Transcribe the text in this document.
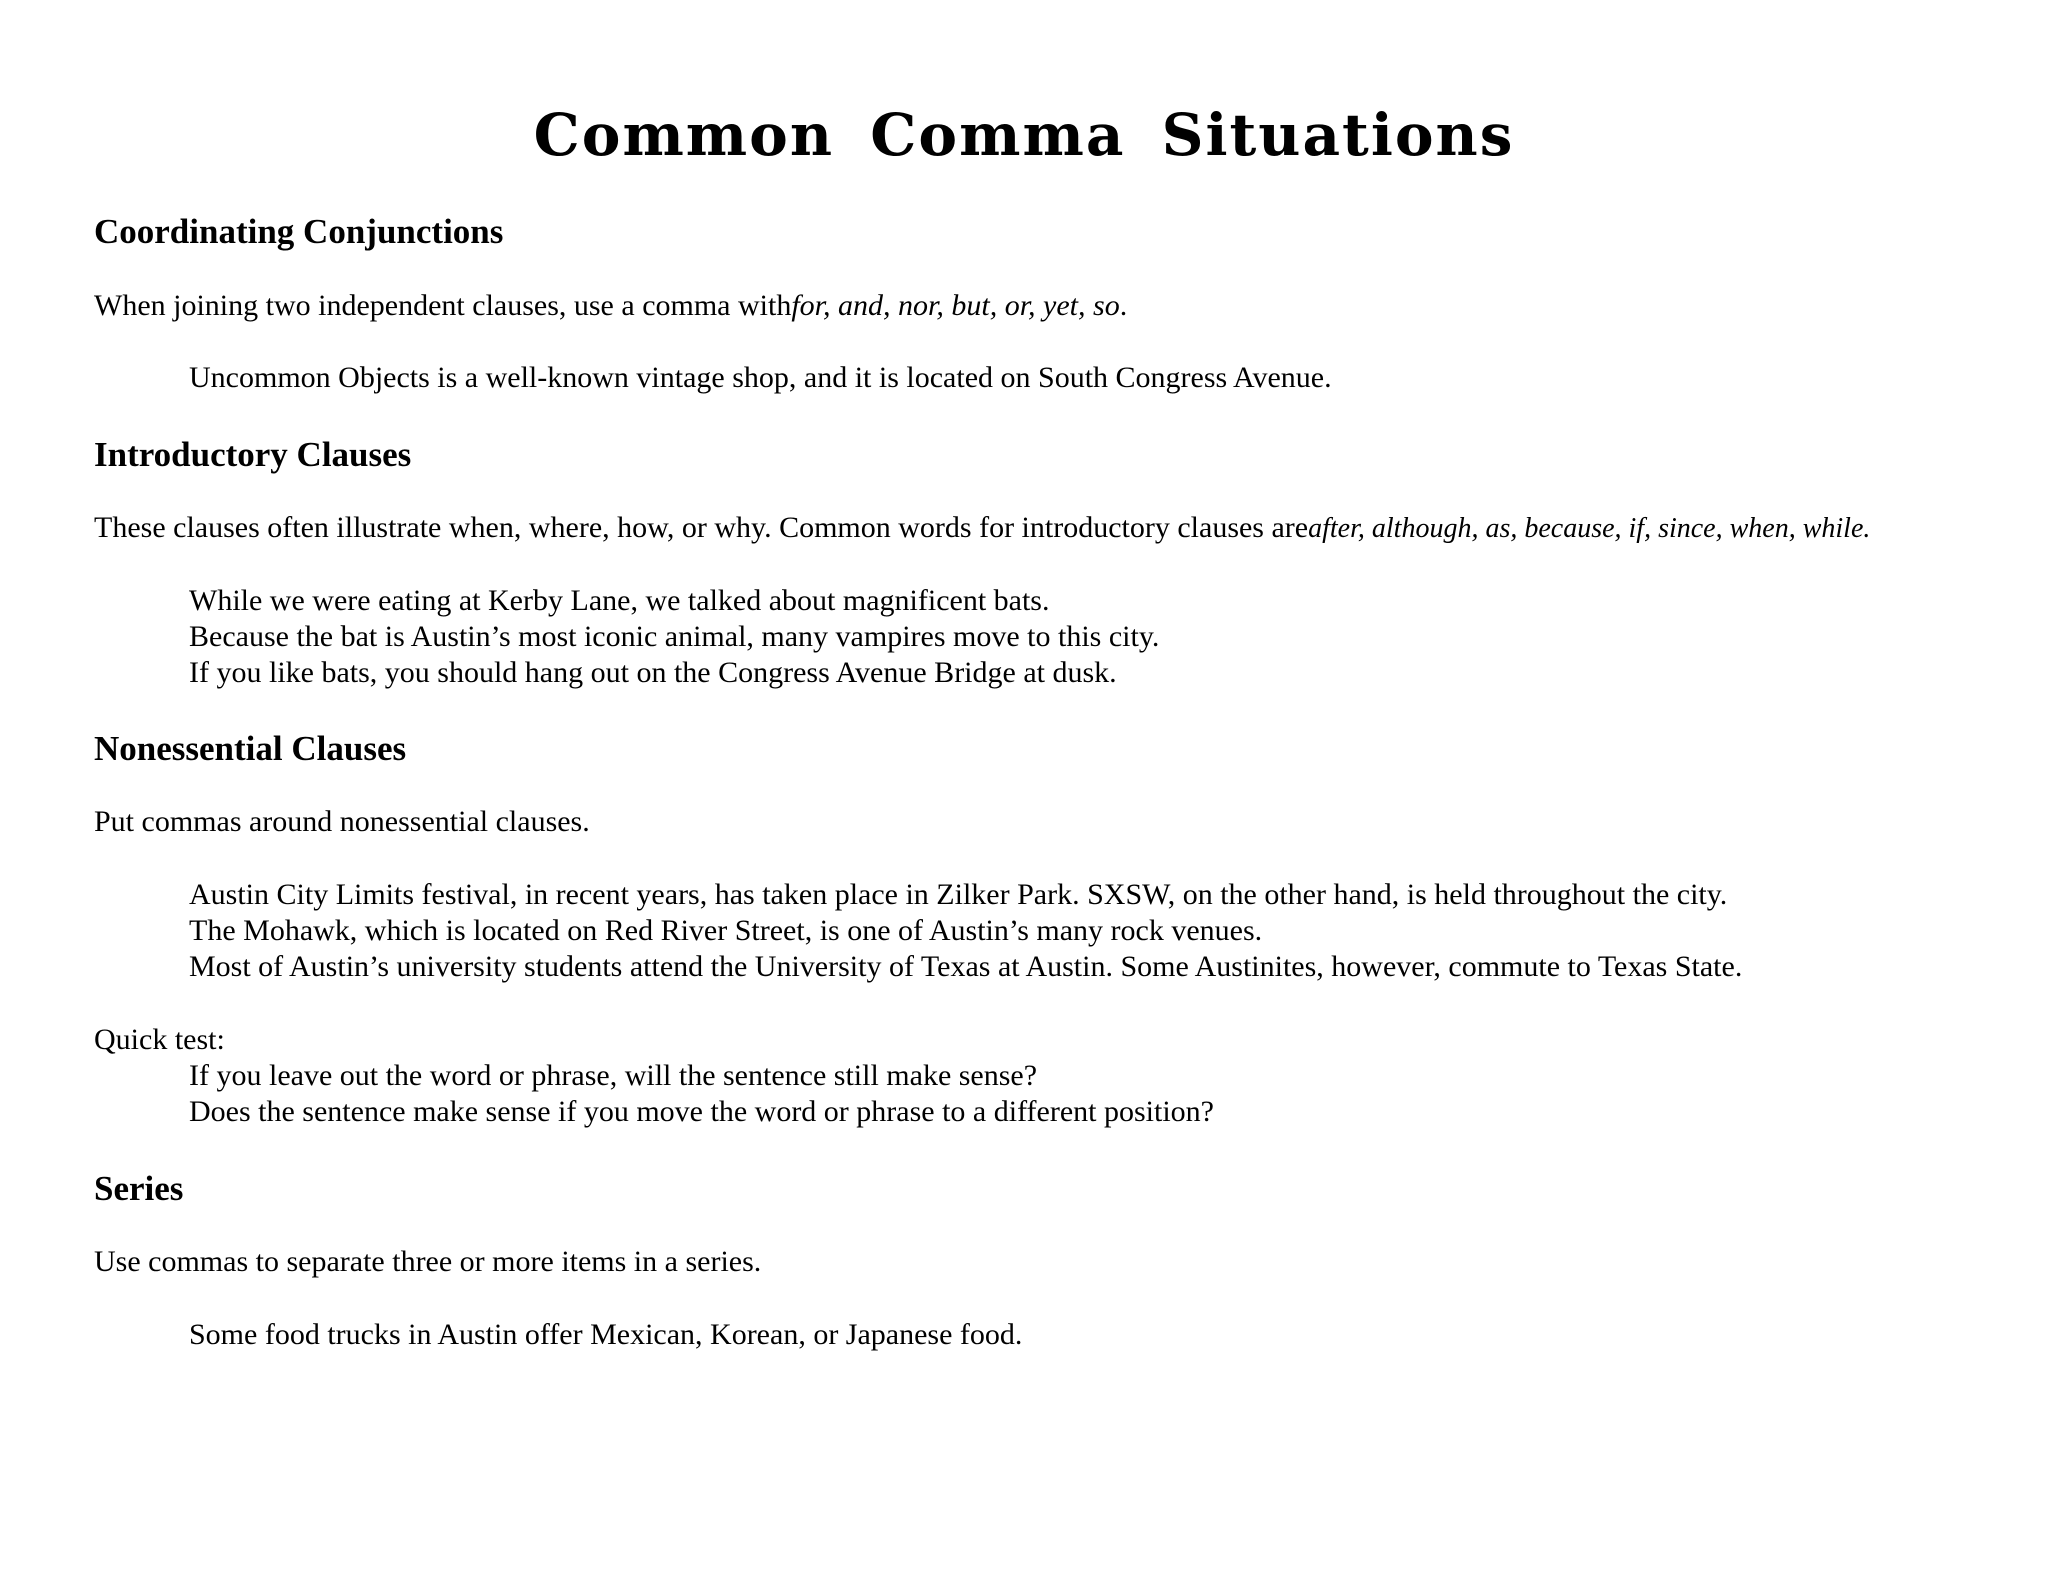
Common Comma Situations
Coordinating Conjunctions
When joining two independent clauses, use a comma withfor, and, nor, but, or, yet, so.
Uncommon Objects is a well-known vintage shop, and it is located on South Congress Avenue.
Introductory Clauses
These clauses often illustrate when, where, how, or why. Common words for introductory clauses areafter, although, as, because, if, since, when, while.
While we were eating at Kerby Lane, we talked about magnificent bats.
Because the bat is Austin’s most iconic animal, many vampires move to this city.
If you like bats, you should hang out on the Congress Avenue Bridge at dusk.
Nonessential Clauses
Put commas around nonessential clauses.
Austin City Limits festival, in recent years, has taken place in Zilker Park. SXSW, on the other hand, is held throughout the city.
The Mohawk, which is located on Red River Street, is one of Austin’s many rock venues.
Most of Austin’s university students attend the University of Texas at Austin. Some Austinites, however, commute to Texas State.
Quick test:
If you leave out the word or phrase, will the sentence still make sense?
Does the sentence make sense if you move the word or phrase to a different position?
Series
Use commas to separate three or more items in a series.
Some food trucks in Austin offer Mexican, Korean, or Japanese food.
